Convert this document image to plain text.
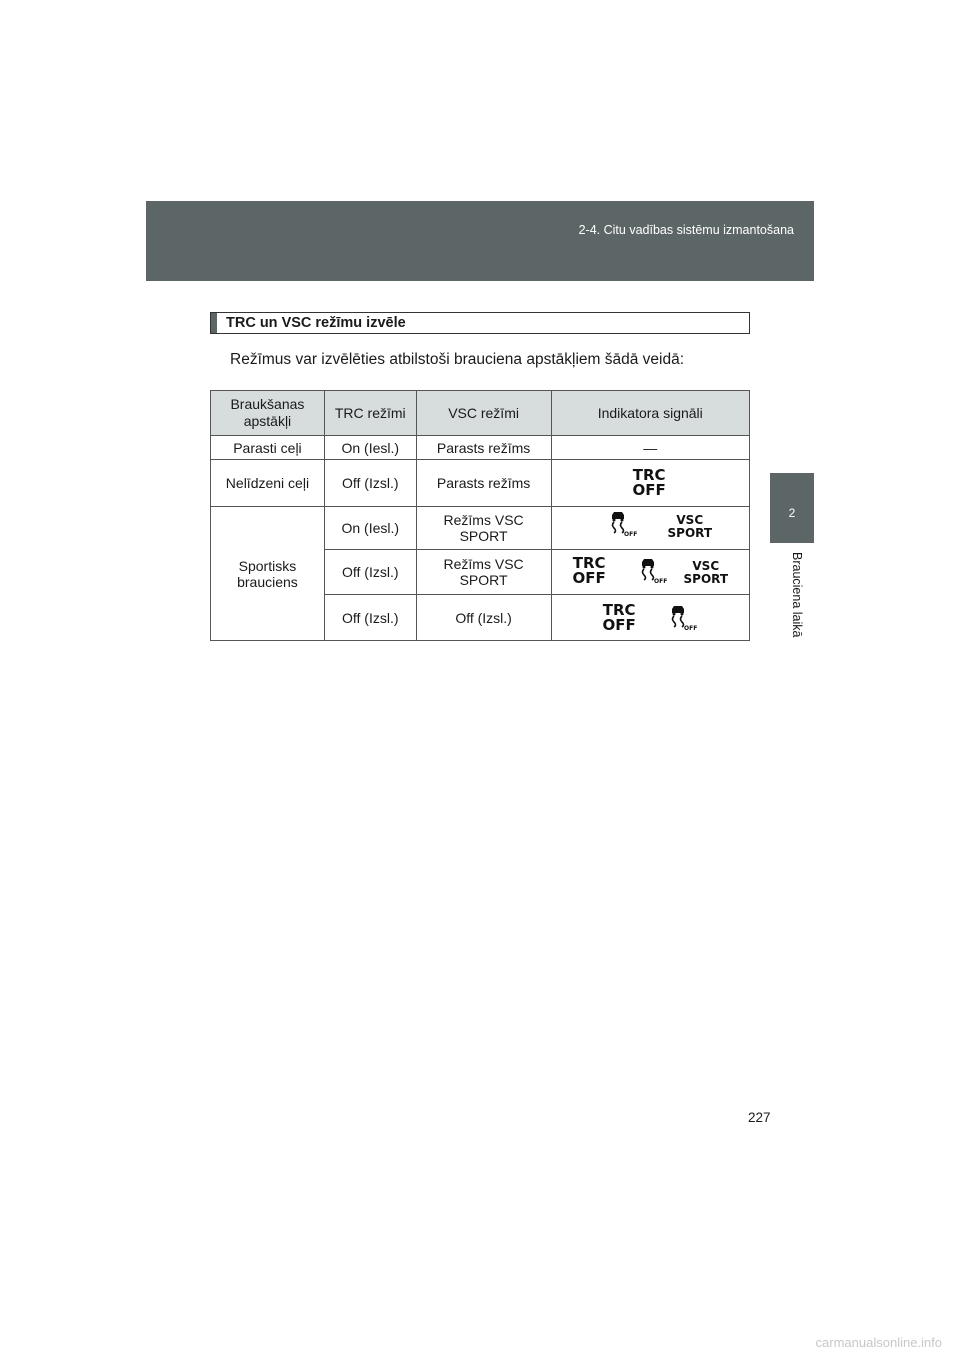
2-4. Citu vadības sistēmu izmantošana
2
Brauciena laikā
TRC un VSC režīmu izvēle
Režīmus var izvēlēties atbilstoši brauciena apstākļiem šādā veidā:
Braukšanas apstākļi	TRC režīmi	VSC režīmi	Indikatora signāli
Parasti ceļi	On (Iesl.)	Parasts režīms	—
Nelīdzeni ceļi	Off (Izsl.)	Parasts režīms	TRC
OFF

Sportisks brauciens	On (Iesl.)	Režīms VSC SPORT	OFF
VSC
SPORT

	Off (Izsl.)	Režīms VSC SPORT	TRC
OFF OFF
VSC
SPORT

	Off (Izsl.)	Off (Izsl.)	TRC
OFF OFF
227
carmanualsonline.info
